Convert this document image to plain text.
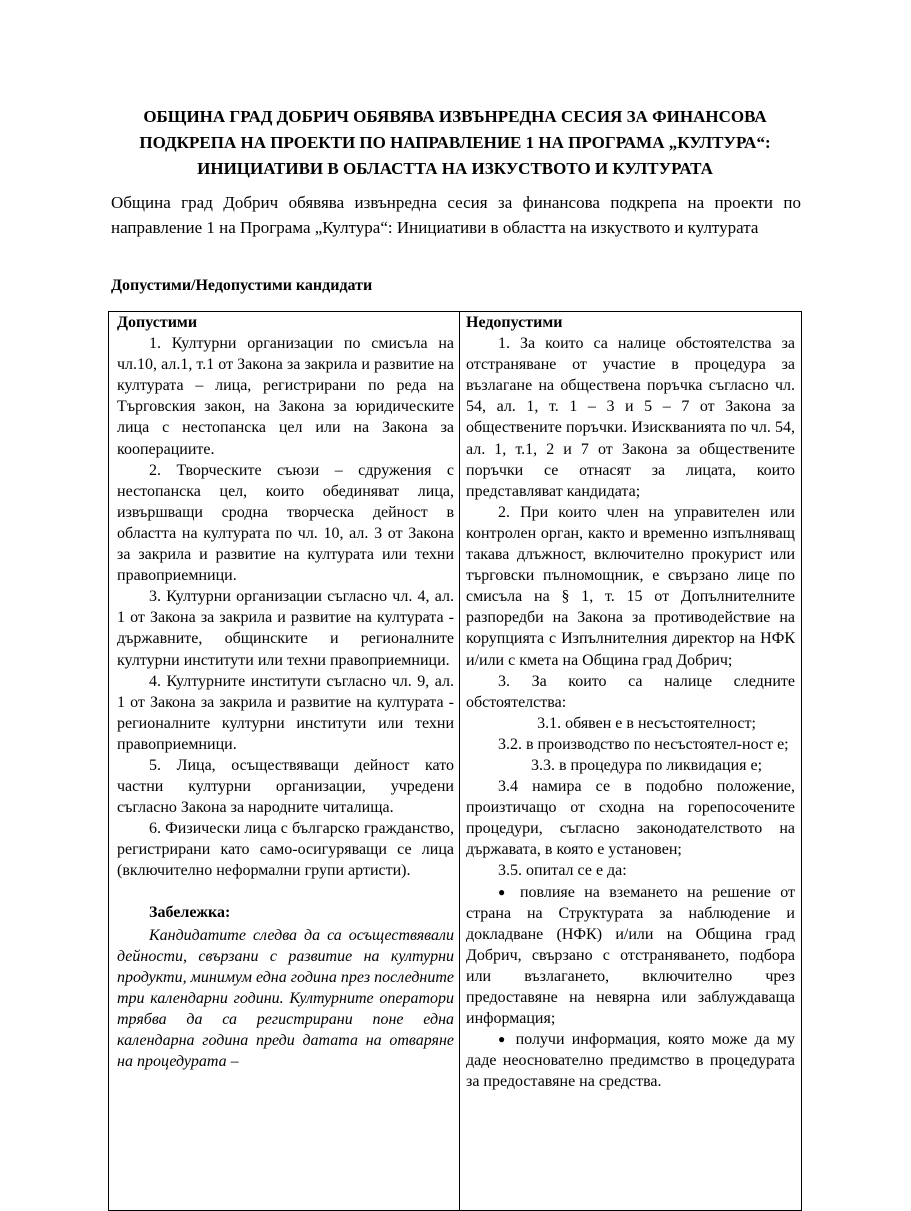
ОБЩИНА ГРАД ДОБРИЧ ОБЯВЯВА ИЗВЪНРЕДНА СЕСИЯ ЗА ФИНАНСОВА
ПОДКРЕПА НА ПРОЕКТИ ПО НАПРАВЛЕНИЕ 1 НА ПРОГРАМА „КУЛТУРА“:
ИНИЦИАТИВИ В ОБЛАСТТА НА ИЗКУСТВОТО И КУЛТУРАТА

Община град Добрич обявява извънредна сесия за финансова подкрепа на проекти по направление 1 на Програма „Култура“: Инициативи в областта на изкуството и културата

Допустими/Недопустими кандидати

Допустими

1. Културни организации по смисъла на чл.10, ал.1, т.1 от Закона за закрила и развитие на културата – лица, регистрирани по реда на Търговския закон, на Закона за юридическите лица с нестопанска цел или на Закона за кооперациите.

2. Творческите съюзи – сдружения с нестопанска цел, които обединяват лица, извършващи сродна творческа дейност в областта на културата по чл. 10, ал. 3 от Закона за закрила и развитие на културата или техни правоприемници.

3. Културни организации съгласно чл. 4, ал. 1 от Закона за закрила и развитие на културата - държавните, общинските и регионалните културни институти или техни правоприемници.

4. Културните институти съгласно чл. 9, ал. 1 от Закона за закрила и развитие на културата - регионалните културни институти или техни правоприемници.

5. Лица, осъществяващи дейност като частни културни организации, учредени съгласно Закона за народните читалища.

6. Физически лица с българско гражданство, регистрирани като само-осигуряващи се лица (включително неформални групи артисти).

Забележка:

Кандидатите следва да са осъществявали дейности, свързани с развитие на културни продукти, минимум една година през последните три календарни години. Културните оператори трябва да са регистрирани поне една календарна година преди датата на отваряне на процедурата –

Недопустими

1. За които са налице обстоятелства за отстраняване от участие в процедура за възлагане на обществена поръчка съгласно чл. 54, ал. 1, т. 1 – 3 и 5 – 7 от Закона за обществените поръчки. Изискванията по чл. 54, ал. 1, т.1, 2 и 7 от Закона за обществените поръчки се отнасят за лицата, които представляват кандидата;

2. При които член на управителен или контролен орган, както и временно изпълняващ такава длъжност, включително прокурист или търговски пълномощник, е свързано лице по смисъла на § 1, т. 15 от Допълнителните разпоредби на Закона за противодействие на корупцията с Изпълнителния директор на НФК и/или с кмета на Община град Добрич;

3. За които са налице следните обстоятелства:

3.1. обявен е в несъстоятелност;

3.2. в производство по несъстоятел-ност е;

3.3. в процедура по ликвидация е;

3.4 намира се в подобно положение, произтичащо от сходна на горепосочените процедури, съгласно законодателството на държавата, в която е установен;

3.5. опитал се е да:

● повлияе на вземането на решение от страна на Структурата за наблюдение и докладване (НФК) и/или на Община град Добрич, свързано с отстраняването, подбора или възлагането, включително чрез предоставяне на невярна или заблуждаваща информация;

● получи информация, която може да му даде неоснователно предимство в процедурата за предоставяне на средства.
